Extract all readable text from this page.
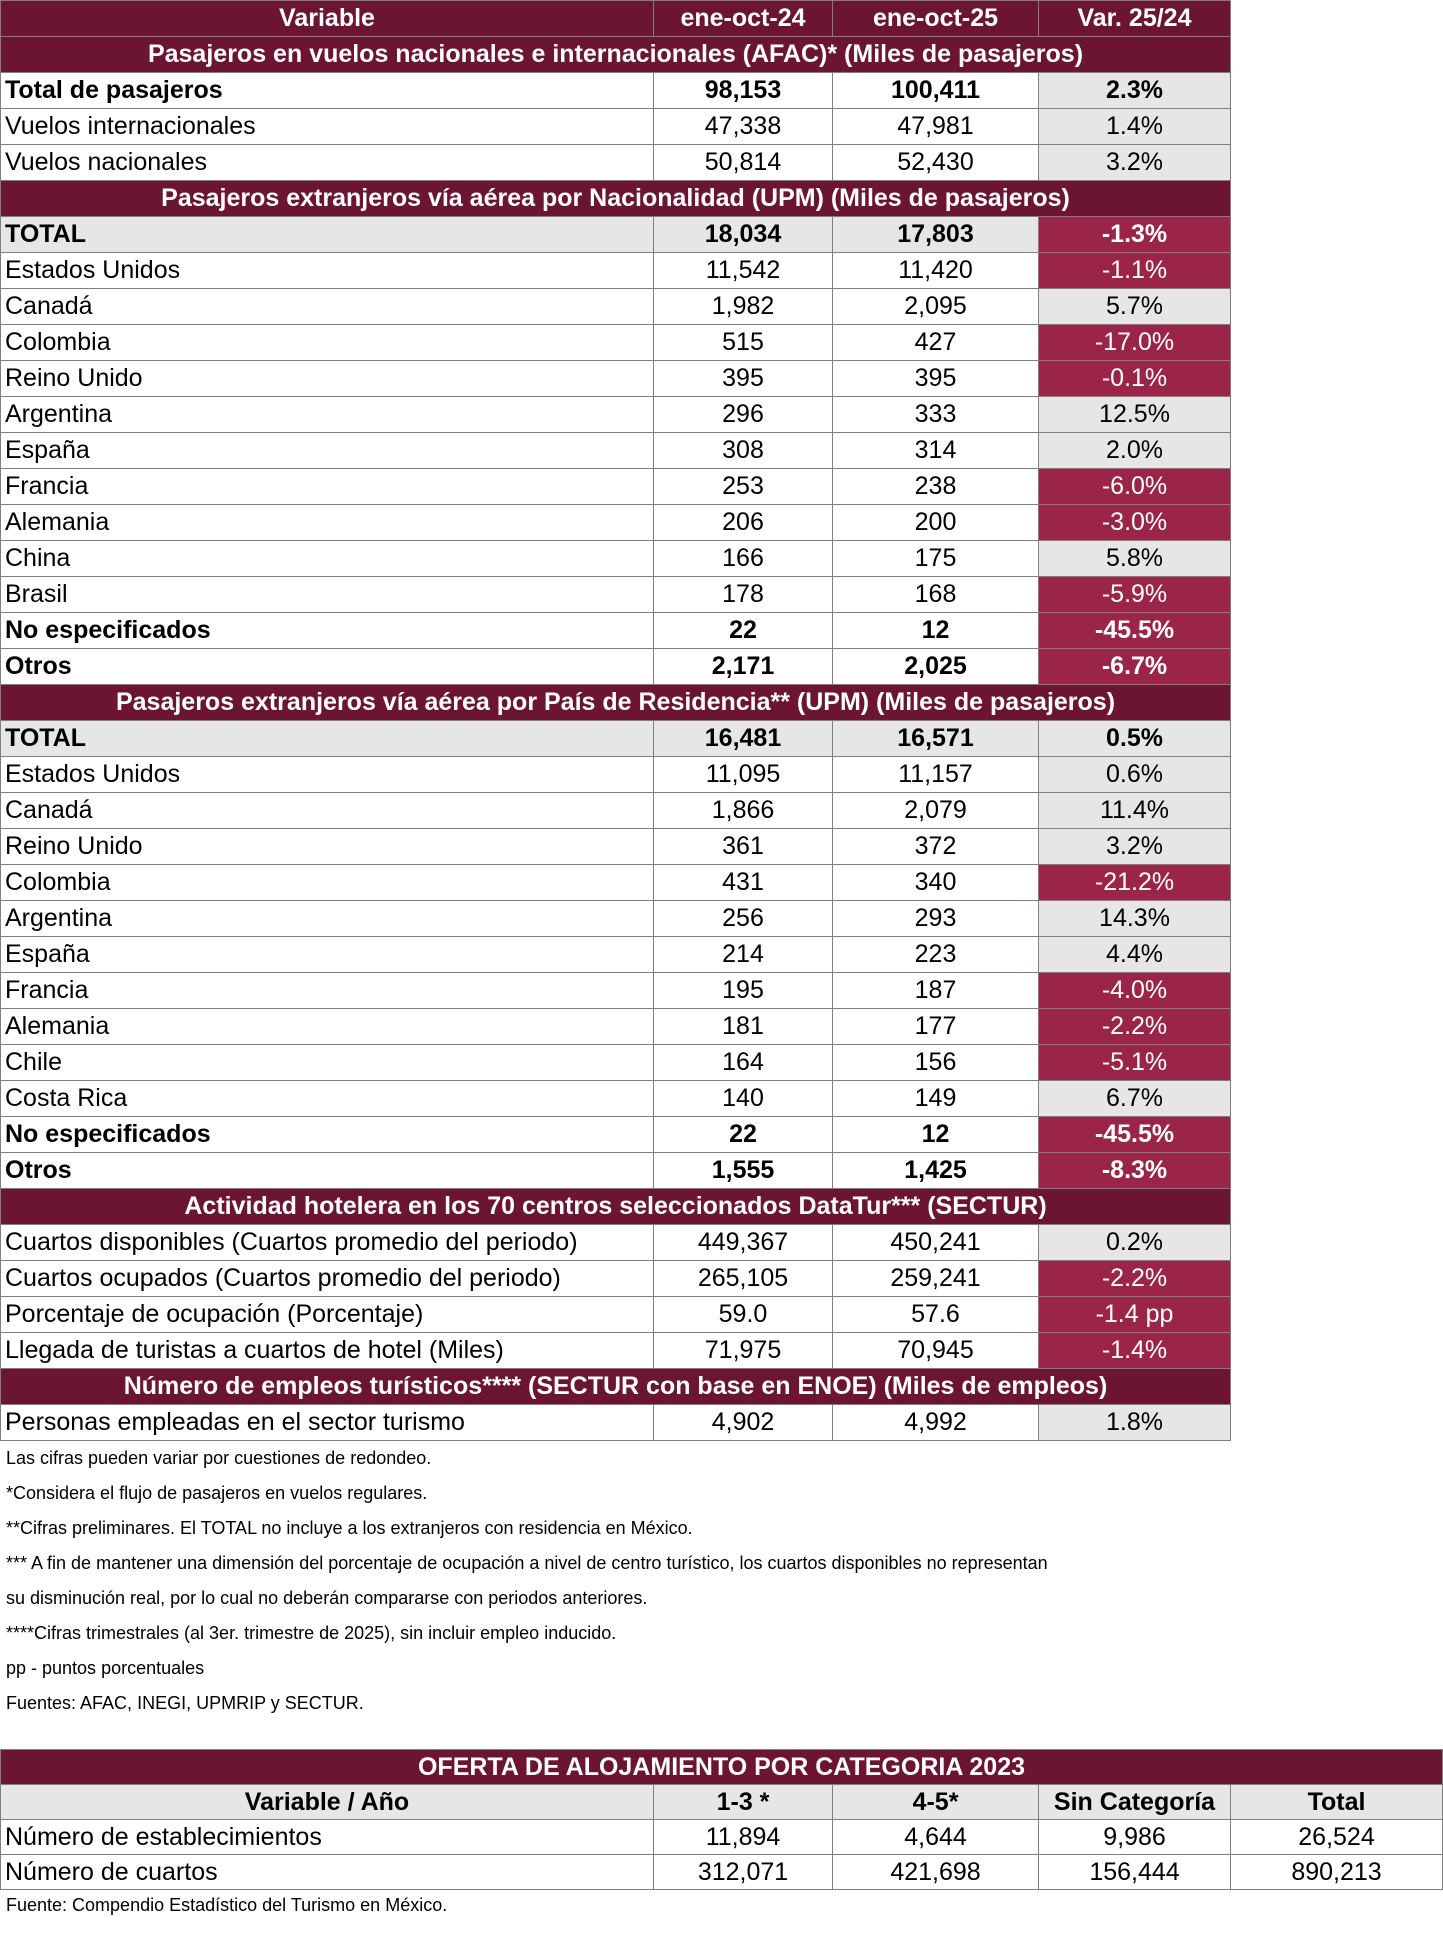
Variable	ene-oct-24	ene-oct-25	Var. 25/24
Pasajeros en vuelos nacionales e internacionales (AFAC)* (Miles de pasajeros)			
Total de pasajeros	98,153	100,411	2.3%
Vuelos internacionales	47,338	47,981	1.4%
Vuelos nacionales	50,814	52,430	3.2%
Pasajeros extranjeros vía aérea por Nacionalidad (UPM) (Miles de pasajeros)			
TOTAL	18,034	17,803	-1.3%
Estados Unidos	11,542	11,420	-1.1%
Canadá	1,982	2,095	5.7%
Colombia	515	427	-17.0%
Reino Unido	395	395	-0.1%
Argentina	296	333	12.5%
España	308	314	2.0%
Francia	253	238	-6.0%
Alemania	206	200	-3.0%
China	166	175	5.8%
Brasil	178	168	-5.9%
No especificados	22	12	-45.5%
Otros	2,171	2,025	-6.7%
Pasajeros extranjeros vía aérea por País de Residencia** (UPM) (Miles de pasajeros)			
TOTAL	16,481	16,571	0.5%
Estados Unidos	11,095	11,157	0.6%
Canadá	1,866	2,079	11.4%
Reino Unido	361	372	3.2%
Colombia	431	340	-21.2%
Argentina	256	293	14.3%
España	214	223	4.4%
Francia	195	187	-4.0%
Alemania	181	177	-2.2%
Chile	164	156	-5.1%
Costa Rica	140	149	6.7%
No especificados	22	12	-45.5%
Otros	1,555	1,425	-8.3%
Actividad hotelera en los 70 centros seleccionados DataTur*** (SECTUR)			
Cuartos disponibles (Cuartos promedio del periodo)	449,367	450,241	0.2%
Cuartos ocupados (Cuartos promedio del periodo)	265,105	259,241	-2.2%
Porcentaje de ocupación (Porcentaje)	59.0	57.6	-1.4 pp
Llegada de turistas a cuartos de hotel (Miles)	71,975	70,945	-1.4%
Número de empleos turísticos**** (SECTUR con base en ENOE) (Miles de empleos)			
Personas empleadas en el sector turismo	4,902	4,992	1.8%
Las cifras pueden variar por cuestiones de redondeo.
*Considera el flujo de pasajeros en vuelos regulares.
**Cifras preliminares. El TOTAL no incluye a los extranjeros con residencia en México.
*** A fin de mantener una dimensión del porcentaje de ocupación a nivel de centro turístico, los cuartos disponibles no representan
su disminución real, por lo cual no deberán compararse con periodos anteriores.
****Cifras trimestrales (al 3er. trimestre de 2025), sin incluir empleo inducido.
pp - puntos porcentuales
Fuentes: AFAC, INEGI, UPMRIP y SECTUR.
OFERTA DE ALOJAMIENTO POR CATEGORIA 2023				
Variable / Año	1-3 *	4-5*	Sin Categoría	Total
Número de establecimientos	11,894	4,644	9,986	26,524
Número de cuartos	312,071	421,698	156,444	890,213
Fuente: Compendio Estadístico del Turismo en México.
